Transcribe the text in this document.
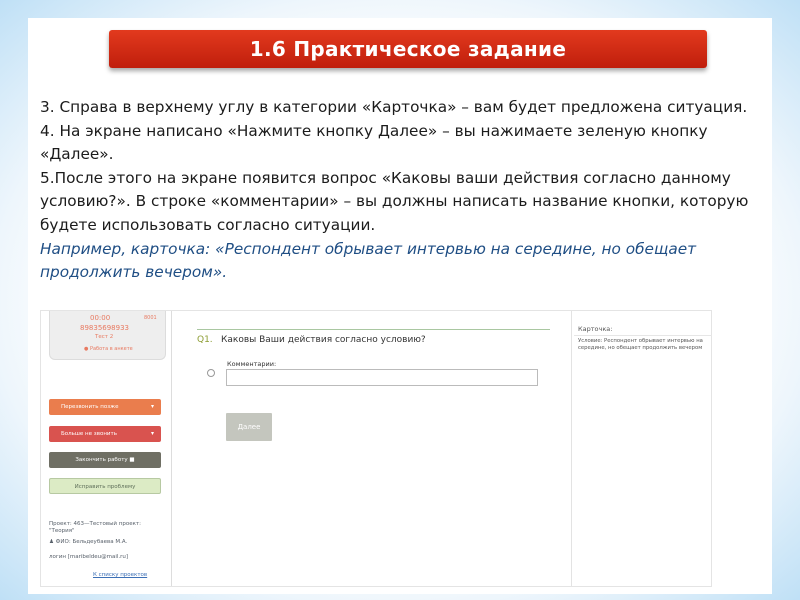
1.6 Практическое задание

3. Справа в верхнему углу в категории «Карточка» – вам будет предложена ситуация.

4. На экране написано «Нажмите кнопку Далее» – вы нажимаете зеленую кнопку «Далее».

5.После этого на экране появится вопрос «Каковы ваши действия согласно данному условию?». В строке «комментарии» – вы должны написать название кнопки, которую будете использовать согласно ситуации.

Например, карточка: «Респондент обрывает интервью на середине, но обещает продолжить вечером».

00:00	8001
89835698933
Тест 2
● Работа в анкете
Перезвонить позже	▾
Больше не звонить	▾
Закончить работу ■
Исправить проблему
Проект: 463—Тестовый проект: "Теория"
♟ ФИО: Бельдеубаева М.А.
логин [maribeldeu@mail.ru]
К списку проектов
Q1. Каковы Ваши действия согласно условию?
Комментарии:
Далее
Карточка:
Условие: Респондент обрывает интервью на середине, но обещает продолжить вечером
